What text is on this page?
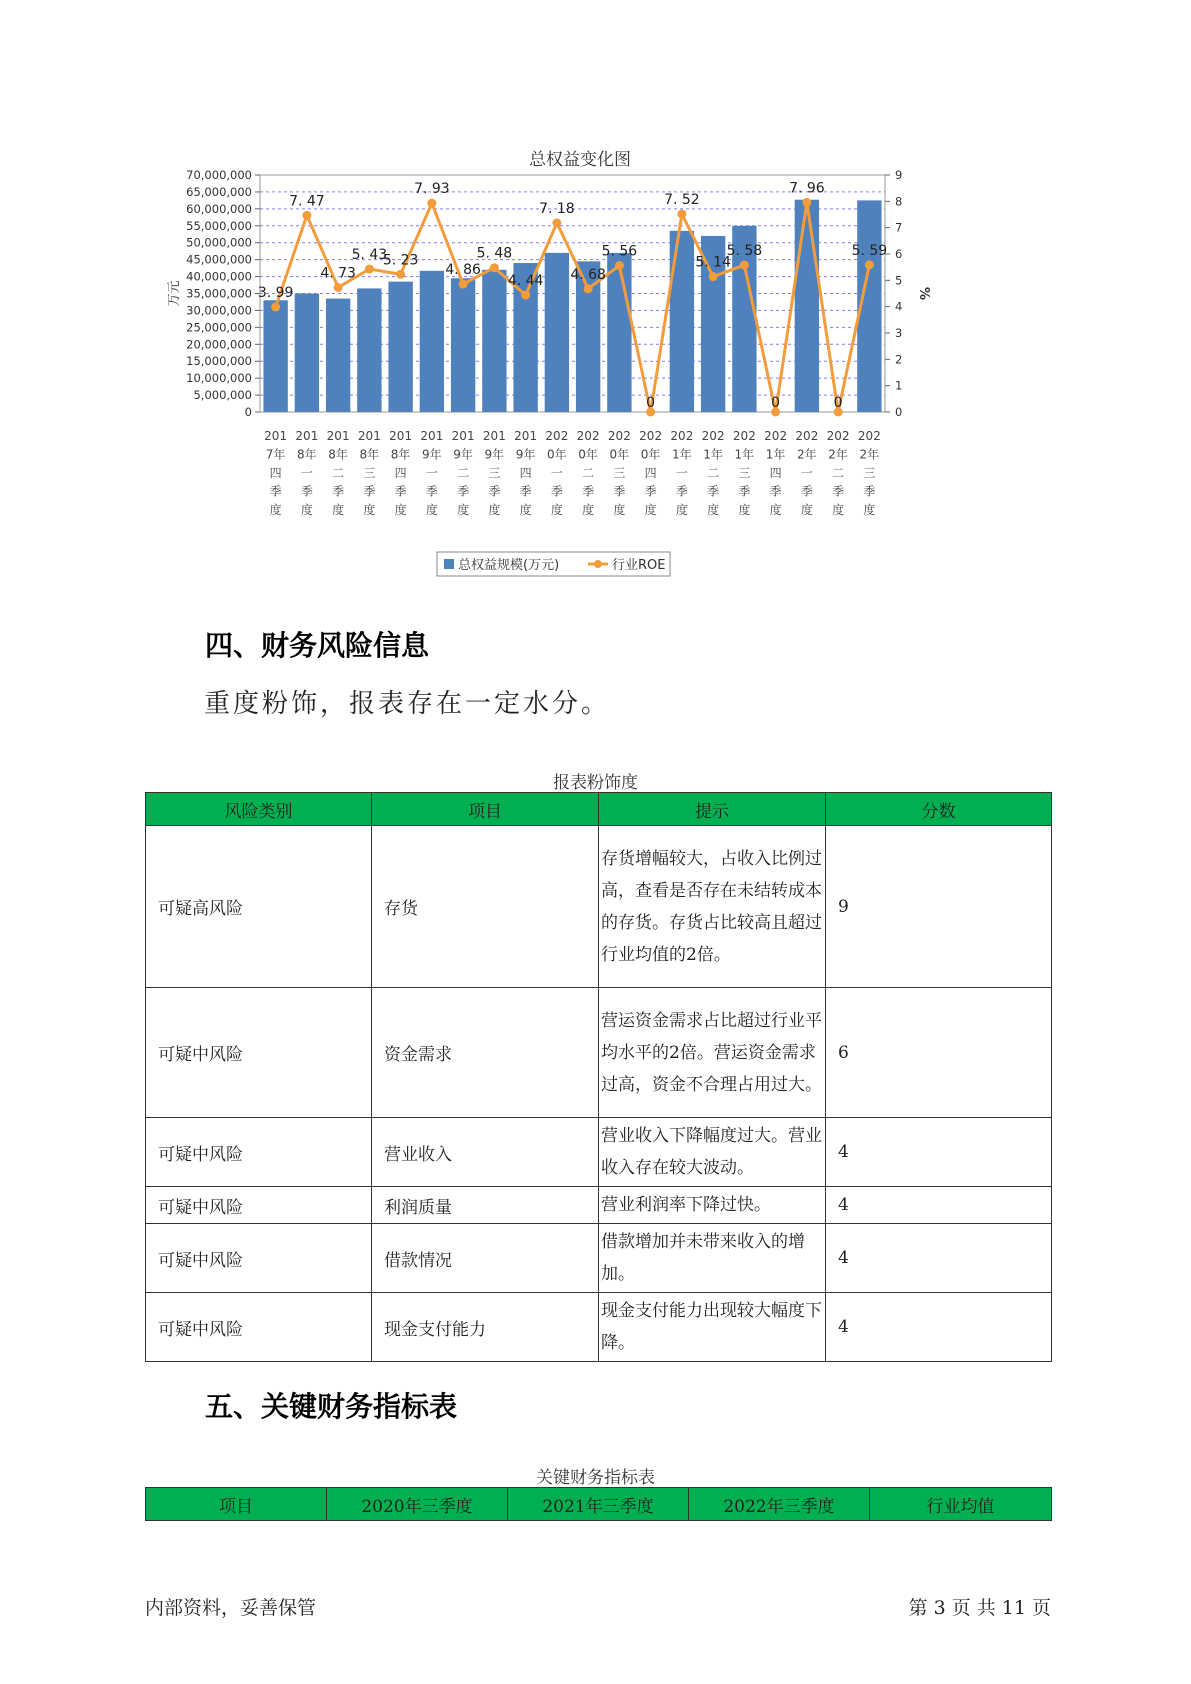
总权益变化图
70,000,000
65,000,000
60,000,000
55,000,000
50,000,000
45,000,000
40,000,000
35,000,000
30,000,000
25,000,000
20,000,000
15,000,000
10,000,000
5,000,000
0
9
8
7
6
5
4
3
2
1
0
万元	%
201
7年
四
季
度
201
8年
一
季
度
201
8年
二
季
度
201
8年
三
季
度
201
8年
四
季
度
201
9年
一
季
度
201
9年
二
季
度
201
9年
三
季
度
201
9年
四
季
度
202
0年
一
季
度
202
0年
二
季
度
202
0年
三
季
度
202
0年
四
季
度
202
1年
一
季
度
202
1年
二
季
度
202
1年
三
季
度
202
1年
四
季
度
202
2年
一
季
度
202
2年
二
季
度
202
2年
三
季
度
3. 99
7. 47
4. 73
5. 43
5. 23
7. 93
4. 86
5. 48
4. 44
7. 18
4. 68
5. 56
0
7. 52
5. 14
5. 58
0
7. 96
0
5. 59
总权益规模(万元)	行业ROE
四、财务风险信息
重度粉饰，报表存在一定水分。
报表粉饰度
风险类别	项目	提示	分数
可疑高风险	存货	存货增幅较大，占收入比例过高，查看是否存在未结转成本的存货。存货占比较高且超过行业均值的2倍。	9
可疑中风险	资金需求	营运资金需求占比超过行业平均水平的2倍。营运资金需求过高，资金不合理占用过大。	6
可疑中风险	营业收入	营业收入下降幅度过大。营业收入存在较大波动。	4
可疑中风险	利润质量	营业利润率下降过快。	4
可疑中风险	借款情况	借款增加并未带来收入的增加。	4
可疑中风险	现金支付能力	现金支付能力出现较大幅度下降。	4
五、关键财务指标表
关键财务指标表
项目	2020年三季度	2021年三季度	2022年三季度	行业均值
内部资料，妥善保管	第 3 页 共 11 页
